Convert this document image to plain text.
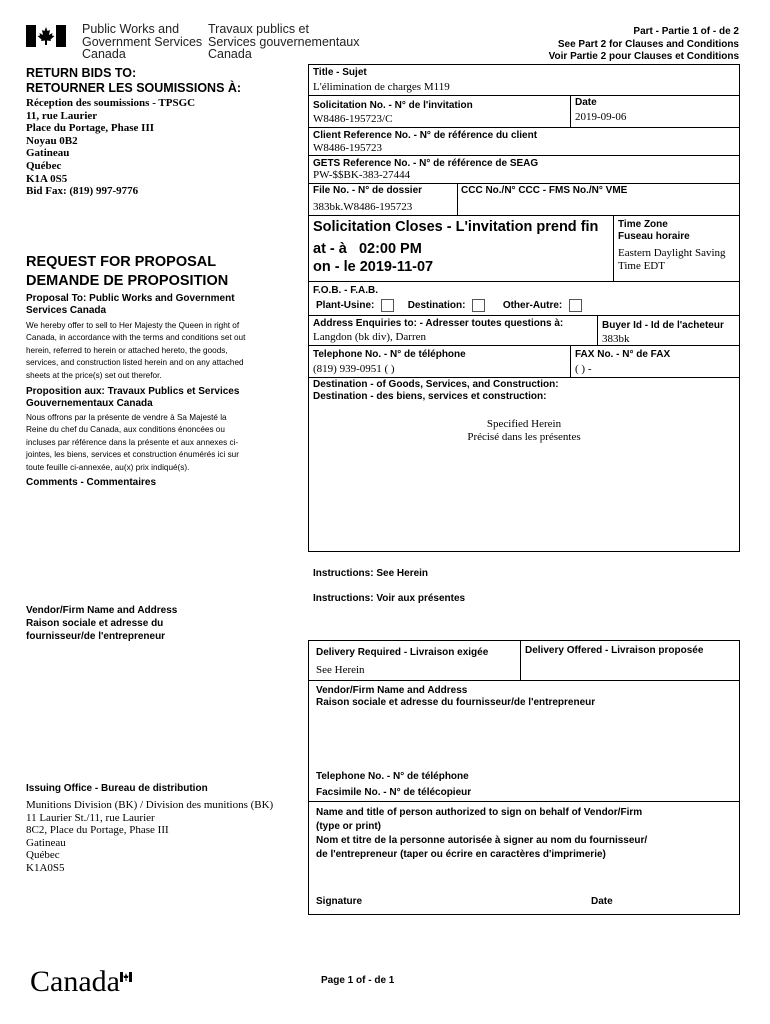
Public Works and
Government Services
Canada
Travaux publics et
Services gouvernementaux
Canada
Part - Partie 1 of - de 2
See Part 2 for Clauses and Conditions
Voir Partie 2 pour Clauses et Conditions
RETURN BIDS TO:
RETOURNER LES SOUMISSIONS À:
Réception des soumissions - TPSGC
11, rue Laurier
Place du Portage, Phase III
Noyau 0B2
Gatineau
Québec
K1A 0S5
Bid Fax: (819) 997-9776
REQUEST FOR PROPOSAL
DEMANDE DE PROPOSITION
Proposal To: Public Works and Government Services Canada
We hereby offer to sell to Her Majesty the Queen in right of Canada, in accordance with the terms and conditions set out herein, referred to herein or attached hereto, the goods, services, and construction listed herein and on any attached sheets at the price(s) set out therefor.
Proposition aux: Travaux Publics et Services Gouvernementaux Canada
Nous offrons par la présente de vendre à Sa Majesté la Reine du chef du Canada, aux conditions énoncées ou incluses par référence dans la présente et aux annexes ci-jointes, les biens, services et construction énumérés ici sur toute feuille ci-annexée, au(x) prix indiqué(s).
Comments - Commentaires
Vendor/Firm Name and Address
Raison sociale et adresse du
fournisseur/de l'entrepreneur
Issuing Office - Bureau de distribution
Munitions Division (BK) / Division des munitions (BK)
11 Laurier St./11, rue Laurier
8C2, Place du Portage, Phase III
Gatineau
Québec
K1A0S5
Title - Sujet
L'élimination de charges M119
Solicitation No. - N° de l'invitation
W8486-195723/C
Date
2019-09-06
Client Reference No. - N° de référence du client
W8486-195723
GETS Reference No. - N° de référence de SEAG
PW-$$BK-383-27444
File No. - N° de dossier
383bk.W8486-195723
CCC No./N° CCC - FMS No./N° VME
Solicitation Closes - L'invitation prend fin
at - à 02:00 PM
on - le 2019-11-07
Time Zone
Fuseau horaire
Eastern Daylight Saving
Time EDT
F.O.B. - F.A.B.
Plant-Usine:	Destination:	Other-Autre:
Address Enquiries to: - Adresser toutes questions à:
Langdon (bk div), Darren
Buyer Id - Id de l'acheteur
383bk
Telephone No. - N° de téléphone
(819) 939-0951 ( )
FAX No. - N° de FAX
( ) -
Destination - of Goods, Services, and Construction:
Destination - des biens, services et construction:
Specified Herein
Précisé dans les présentes
Instructions: See Herein
Instructions: Voir aux présentes
Delivery Required - Livraison exigée
See Herein
Delivery Offered - Livraison proposée
Vendor/Firm Name and Address
Raison sociale et adresse du fournisseur/de l'entrepreneur
Telephone No. - N° de téléphone
Facsimile No. - N° de télécopieur
Name and title of person authorized to sign on behalf of Vendor/Firm
(type or print)
Nom et titre de la personne autorisée à signer au nom du fournisseur/
de l'entrepreneur (taper ou écrire en caractères d'imprimerie)
Signature	Date
Canada	Page 1 of - de 1
